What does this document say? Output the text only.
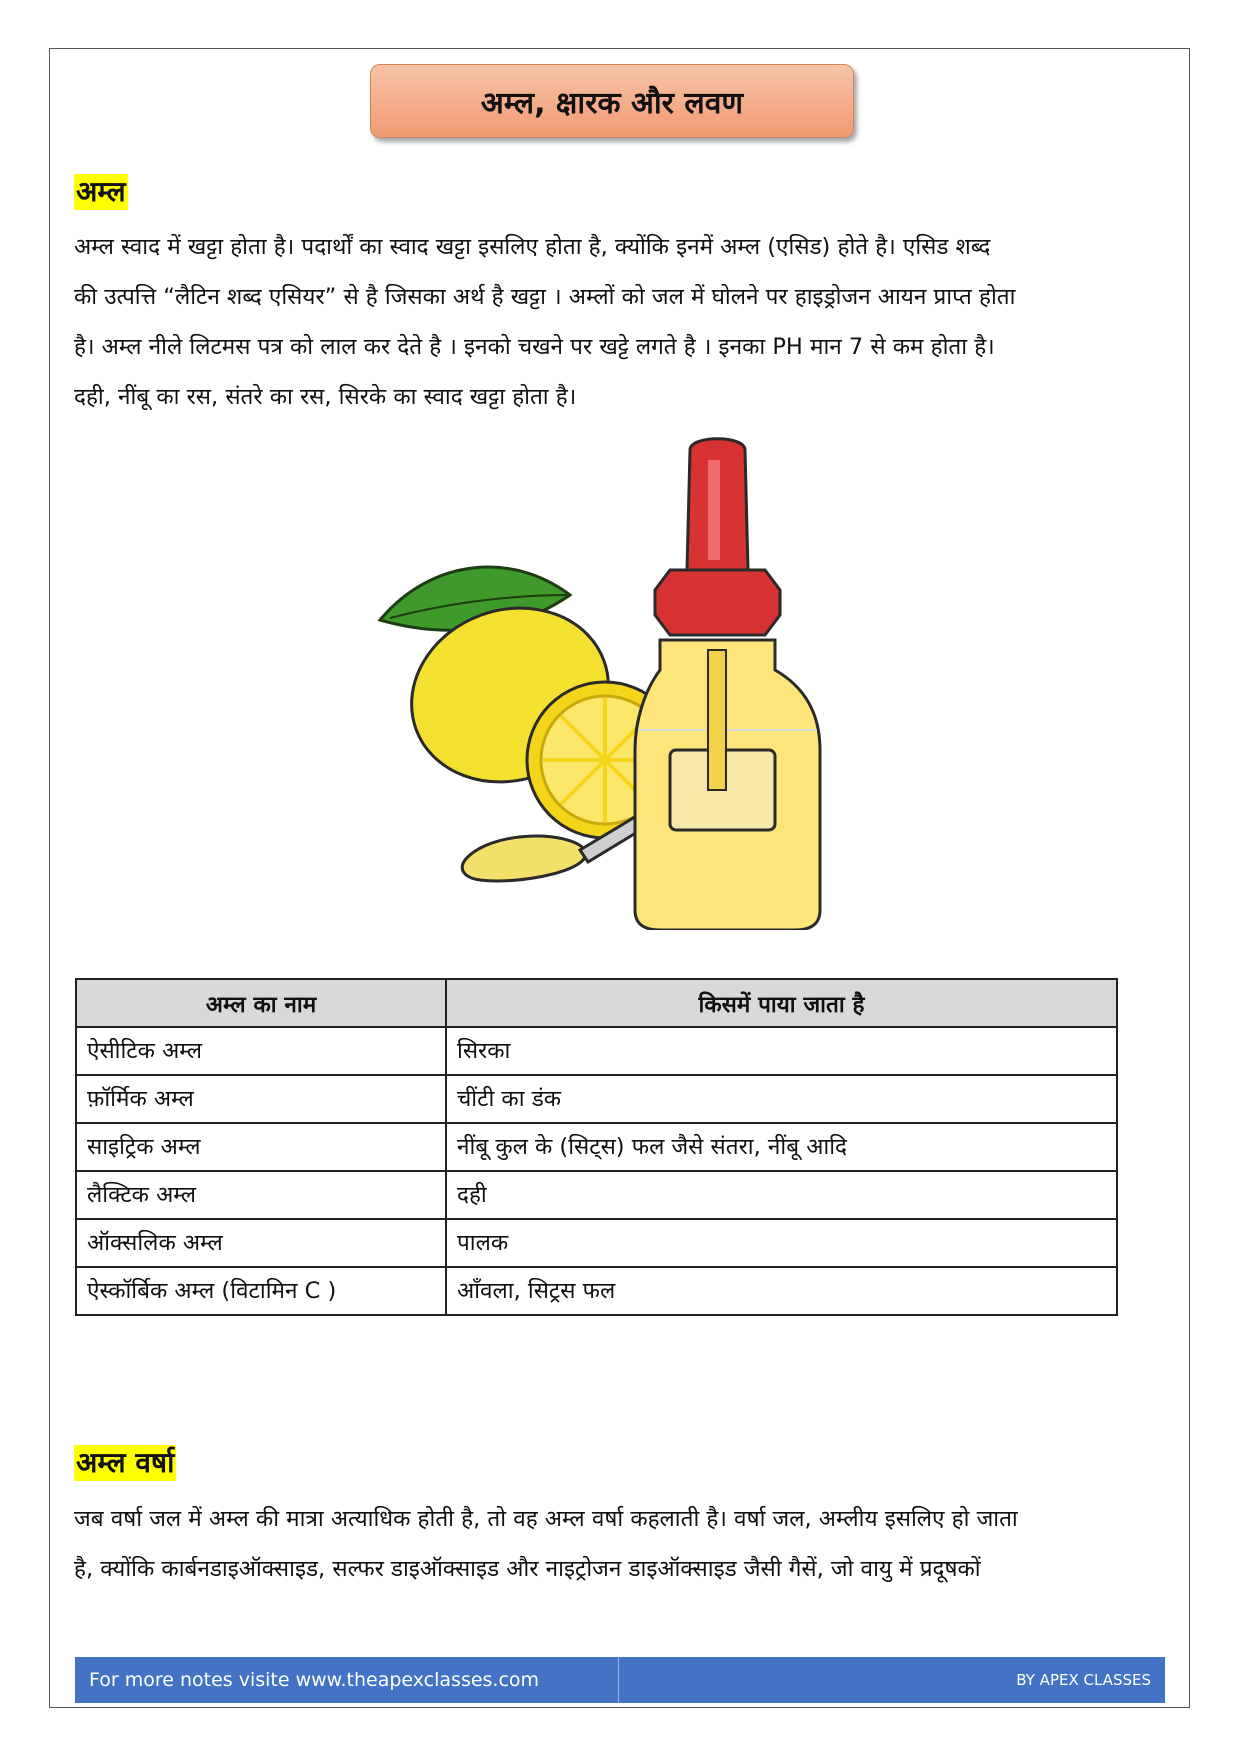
अम्ल, क्षारक और लवण
अम्ल

अम्ल स्वाद में खट्टा होता है। पदार्थों का स्वाद खट्टा इसलिए होता है, क्योंकि इनमें अम्ल (एसिड) होते है। एसिड शब्द

की उत्पत्ति “लैटिन शब्द एसियर” से है जिसका अर्थ है खट्टा । अम्लों को जल में घोलने पर हाइड्रोजन आयन प्राप्त होता

है। अम्ल नीले लिटमस पत्र को लाल कर देते है । इनको चखने पर खट्टे लगते है । इनका PH मान 7 से कम होता है।

दही, नींबू का रस, संतरे का रस, सिरके का स्वाद खट्टा होता है।

अम्ल का नाम	किसमें पाया जाता है
ऐसीटिक अम्ल	सिरका
फ़ॉर्मिक अम्ल	चींटी का डंक
साइट्रिक अम्ल	नींबू कुल के (सिट्स) फल जैसे संतरा, नींबू आदि
लैक्टिक अम्ल	दही
ऑक्सलिक अम्ल	पालक
ऐस्कॉर्बिक अम्ल (विटामिन C )	आँवला, सिट्रस फल
अम्ल वर्षा

जब वर्षा जल में अम्ल की मात्रा अत्याधिक होती है, तो वह अम्ल वर्षा कहलाती है। वर्षा जल, अम्लीय इसलिए हो जाता

है, क्योंकि कार्बनडाइऑक्साइड, सल्फर डाइऑक्साइड और नाइट्रोजन डाइऑक्साइड जैसी गैसें, जो वायु में प्रदूषकों

For more notes visite www.theapexclasses.com	BY APEX CLASSES
